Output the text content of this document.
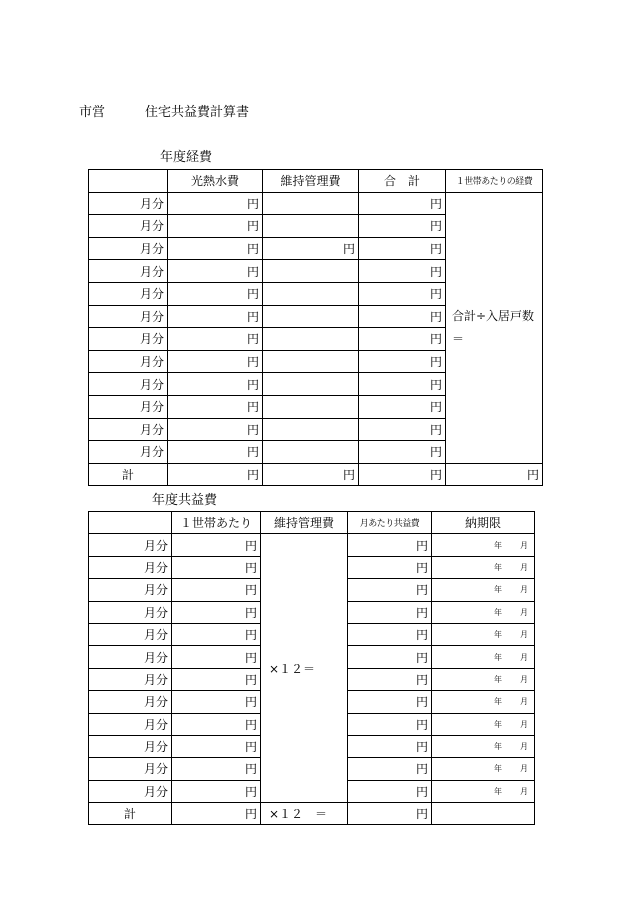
市営	住宅共益費計算書
年度経費
	光熱水費	維持管理費	合　計	１世帯あたりの経費
月分	円		円	合計÷入居戸数＝

月分	円		円	
月分	円	円	円	
月分	円		円	
月分	円		円	
月分	円		円	
月分	円		円	
月分	円		円	
月分	円		円	
月分	円		円	
月分	円		円	
月分	円		円	
計	円	円	円	円
年度共益費
	１世帯あたり	維持管理費	月あたり共益費	納期限
月分	円	×１２＝	円	年 月
月分	円		円	年 月
月分	円		円	年 月
月分	円		円	年 月
月分	円		円	年 月
月分	円		円	年 月
月分	円		円	年 月
月分	円		円	年 月
月分	円		円	年 月
月分	円		円	年 月
月分	円		円	年 月
月分	円		円	年 月
計	円	×１２　＝	円	
